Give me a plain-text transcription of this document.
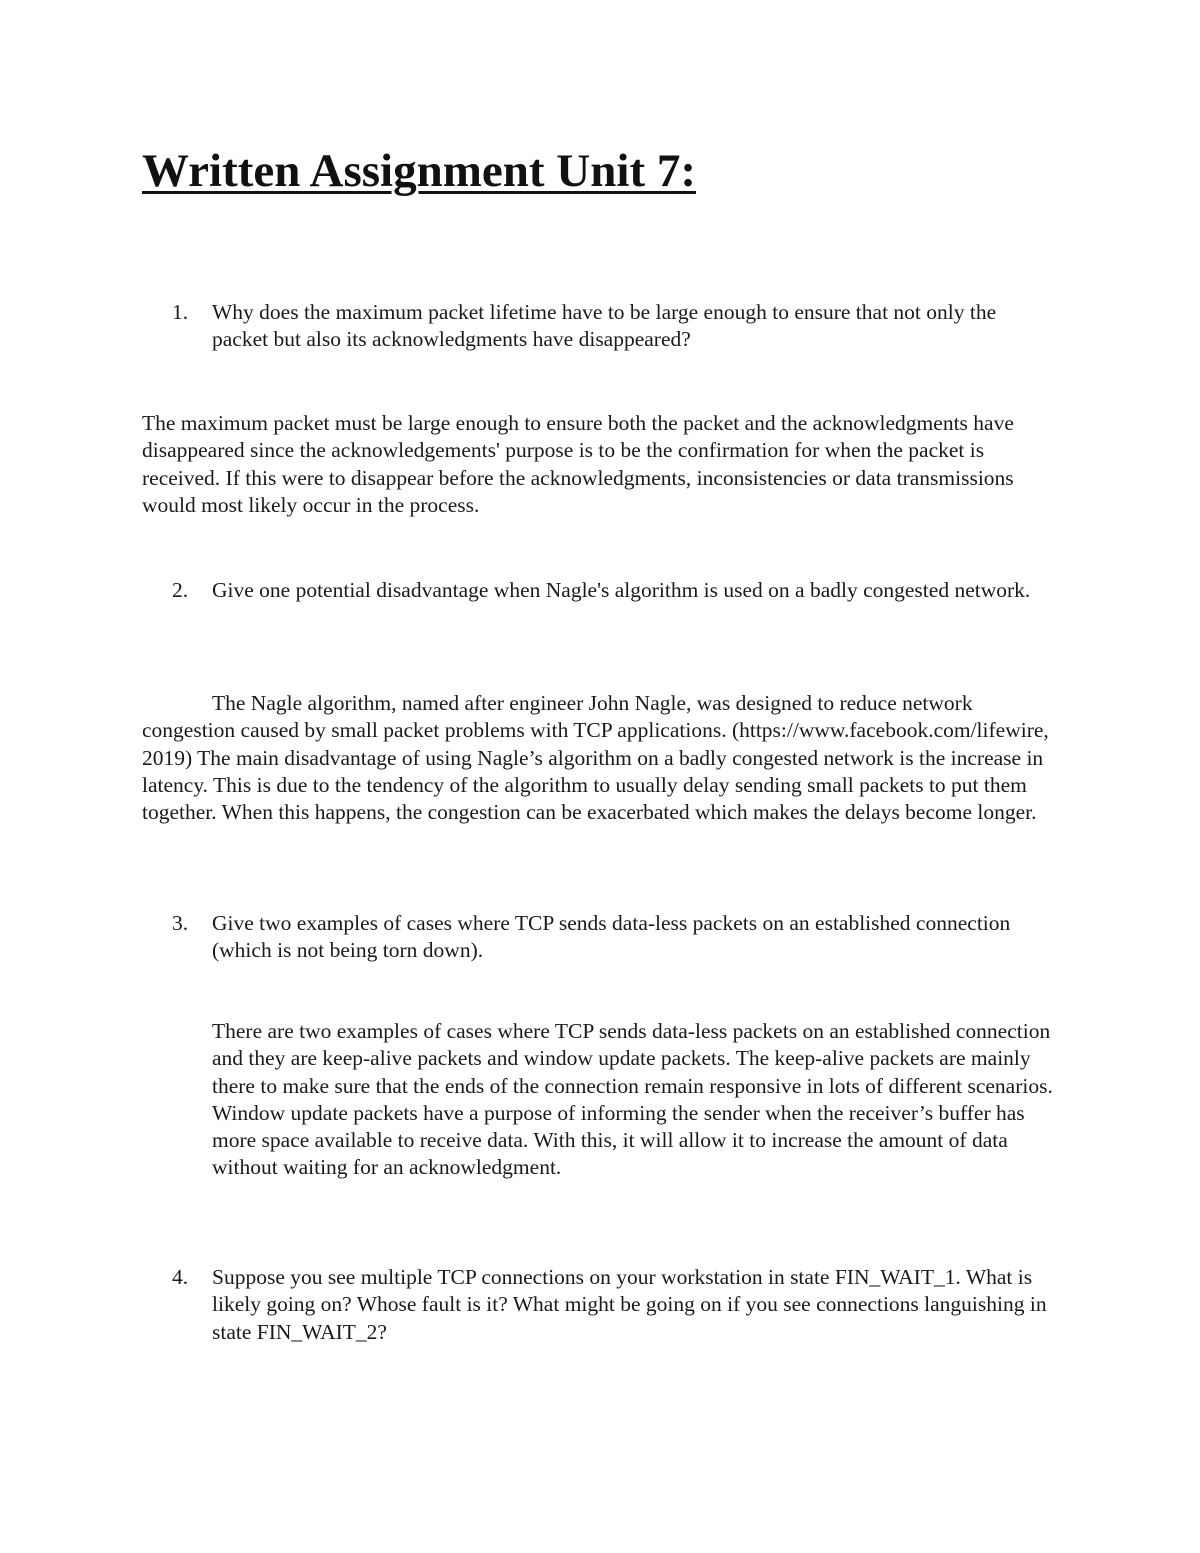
Written Assignment Unit 7:
1.	Why does the maximum packet lifetime have to be large enough to ensure that not only the packet but also its acknowledgments have disappeared?

The maximum packet must be large enough to ensure both the packet and the acknowledgments have disappeared since the acknowledgements' purpose is to be the confirmation for when the packet is received. If this were to disappear before the acknowledgments, inconsistencies or data transmissions would most likely occur in the process.

2.	Give one potential disadvantage when Nagle's algorithm is used on a badly congested network.

The Nagle algorithm, named after engineer John Nagle, was designed to reduce network congestion caused by small packet problems with TCP applications. (https://www.facebook.com/lifewire, 2019) The main disadvantage of using Nagle’s algorithm on a badly congested network is the increase in latency. This is due to the tendency of the algorithm to usually delay sending small packets to put them together. When this happens, the congestion can be exacerbated which makes the delays become longer.

3.	Give two examples of cases where TCP sends data-less packets on an established connection (which is not being torn down).

There are two examples of cases where TCP sends data-less packets on an established connection and they are keep-alive packets and window update packets. The keep-alive packets are mainly there to make sure that the ends of the connection remain responsive in lots of different scenarios. Window update packets have a purpose of informing the sender when the receiver’s buffer has more space available to receive data. With this, it will allow it to increase the amount of data without waiting for an acknowledgment.

4.	Suppose you see multiple TCP connections on your workstation in state FIN_WAIT_1. What is likely going on? Whose fault is it? What might be going on if you see connections languishing in state FIN_WAIT_2?
